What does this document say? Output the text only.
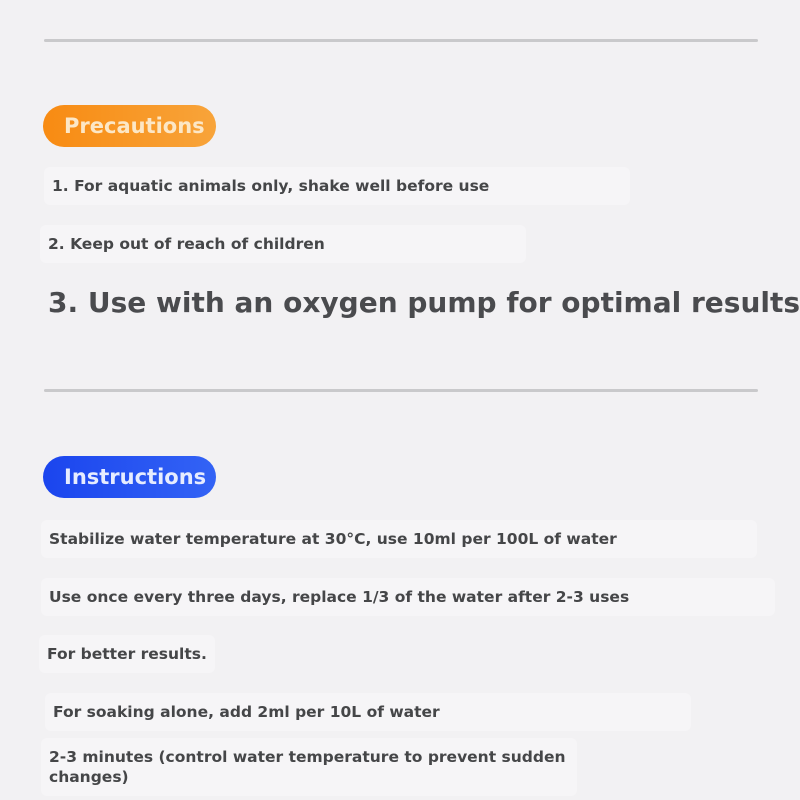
Precautions
1. For aquatic animals only, shake well before use
2. Keep out of reach of children
3. Use with an oxygen pump for optimal results
Instructions
Stabilize water temperature at 30°C, use 10ml per 100L of water
Use once every three days, replace 1/3 of the water after 2-3 uses
For better results.
For soaking alone, add 2ml per 10L of water
2-3 minutes (control water temperature to prevent sudden changes)
